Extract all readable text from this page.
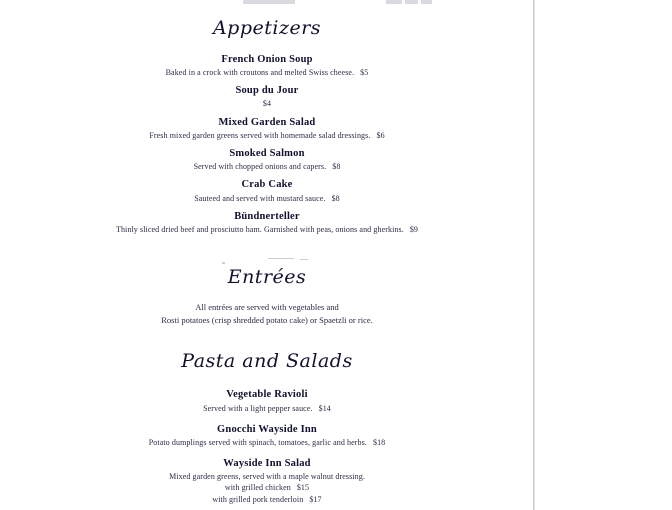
Appetizers
French Onion Soup
Baked in a crock with croutons and melted Swiss cheese. $5
Soup du Jour
$4
Mixed Garden Salad
Fresh mixed garden greens served with homemade salad dressings. $6
Smoked Salmon
Served with chopped onions and capers. $8
Crab Cake
Sauteed and served with mustard sauce. $8
Bündnerteller
Thinly sliced dried beef and prosciutto ham. Garnished with peas, onions and gherkins. $9
Entrées
All entrées are served with vegetables and
Rosti potatoes (crisp shredded potato cake) or Spaetzli or rice.
Pasta and Salads
Vegetable Ravioli
Served with a light pepper sauce. $14
Gnocchi Wayside Inn
Potato dumplings served with spinach, tomatoes, garlic and herbs. $18
Wayside Inn Salad
Mixed garden greens, served with a maple walnut dressing.
with grilled chicken $15
with grilled pork tenderloin $17
